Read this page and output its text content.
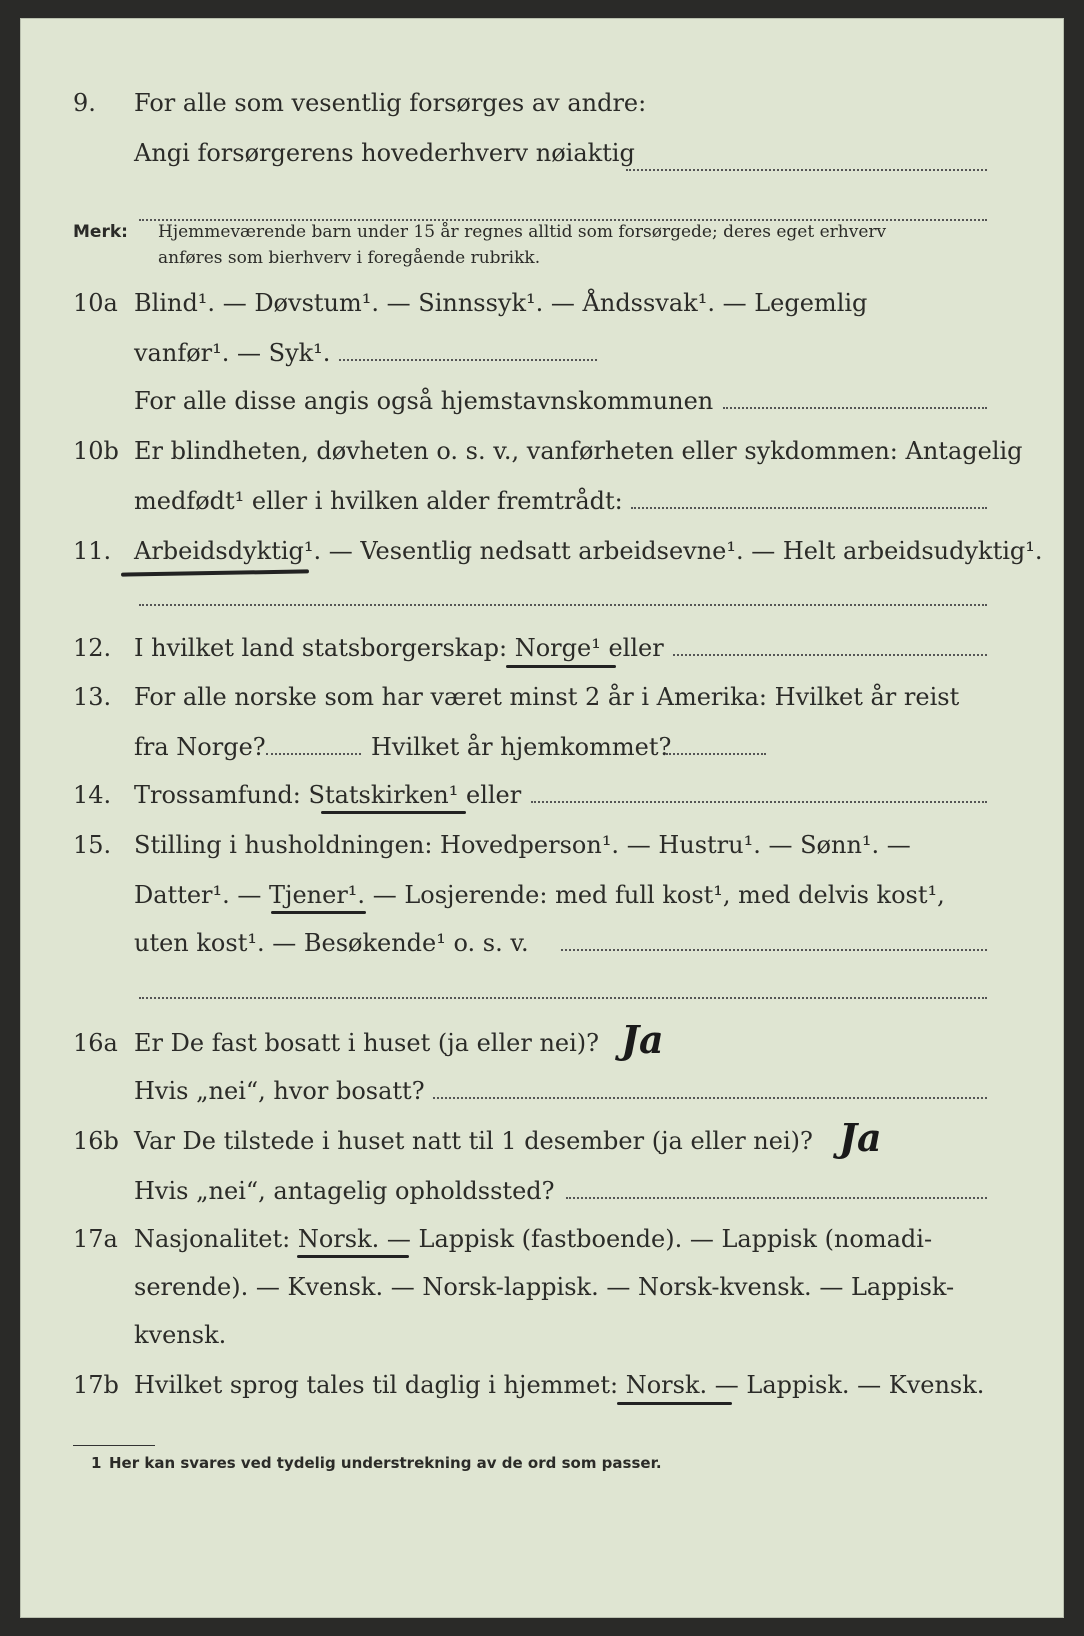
9. For alle som vesentlig forsørges av andre:
Angi forsørgerens hovederhverv nøiaktig
Merk: Hjemmeværende barn under 15 år regnes alltid som forsørgede; deres eget erhverv
anføres som bierhverv i foregående rubrikk.
10a Blind¹. — Døvstum¹. — Sinnssyk¹. — Åndssvak¹. — Legemlig
vanfør¹. — Syk¹.
For alle disse angis også hjemstavnskommunen
10b Er blindheten, døvheten o. s. v., vanførheten eller sykdommen: Antagelig
medfødt¹ eller i hvilken alder fremtrådt:
11. Arbeidsdyktig¹. — Vesentlig nedsatt arbeidsevne¹. — Helt arbeidsudyktig¹.
12. I hvilket land statsborgerskap: Norge¹ eller
13. For alle norske som har været minst 2 år i Amerika: Hvilket år reist
fra Norge?	Hvilket år hjemkommet?
14. Trossamfund: Statskirken¹ eller
15. Stilling i husholdningen: Hovedperson¹. — Hustru¹. — Sønn¹. —
Datter¹. — Tjener¹. — Losjerende: med full kost¹, med delvis kost¹,
uten kost¹. — Besøkende¹ o. s. v.
16a Er De fast bosatt i huset (ja eller nei)? Ja
Hvis „nei“, hvor bosatt?
16b Var De tilstede i huset natt til 1 desember (ja eller nei)? Ja
Hvis „nei“, antagelig opholdssted?
17a Nasjonalitet: Norsk. — Lappisk (fastboende). — Lappisk (nomadi-
serende). — Kvensk. — Norsk-lappisk. — Norsk-kvensk. — Lappisk-
kvensk.
17b Hvilket sprog tales til daglig i hjemmet: Norsk. — Lappisk. — Kvensk.
1 Her kan svares ved tydelig understrekning av de ord som passer.
